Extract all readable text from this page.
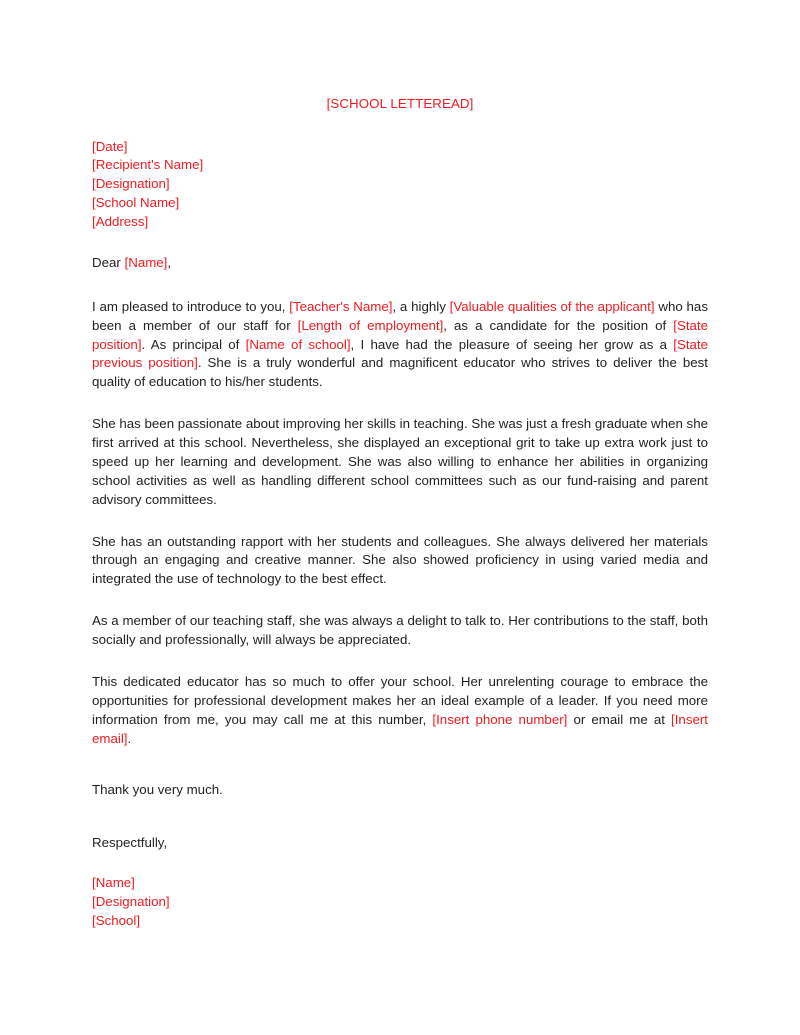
[SCHOOL LETTEREAD]
[Date]
[Recipient's Name]
[Designation]
[School Name]
[Address]
Dear [Name],

I am pleased to introduce to you, [Teacher's Name], a highly [Valuable qualities of the applicant] who has been a member of our staff for [Length of employment], as a candidate for the position of [State position]. As principal of [Name of school], I have had the pleasure of seeing her grow as a [State previous position]. She is a truly wonderful and magnificent educator who strives to deliver the best quality of education to his/her students.

She has been passionate about improving her skills in teaching. She was just a fresh graduate when she first arrived at this school. Nevertheless, she displayed an exceptional grit to take up extra work just to speed up her learning and development. She was also willing to enhance her abilities in organizing school activities as well as handling different school committees such as our fund-raising and parent advisory committees.

She has an outstanding rapport with her students and colleagues. She always delivered her materials through an engaging and creative manner. She also showed proficiency in using varied media and integrated the use of technology to the best effect.

As a member of our teaching staff, she was always a delight to talk to. Her contributions to the staff, both socially and professionally, will always be appreciated.

This dedicated educator has so much to offer your school. Her unrelenting courage to embrace the opportunities for professional development makes her an ideal example of a leader. If you need more information from me, you may call me at this number, [Insert phone number] or email me at [Insert email].

Thank you very much.
Respectfully,
[Name]
[Designation]
[School]
